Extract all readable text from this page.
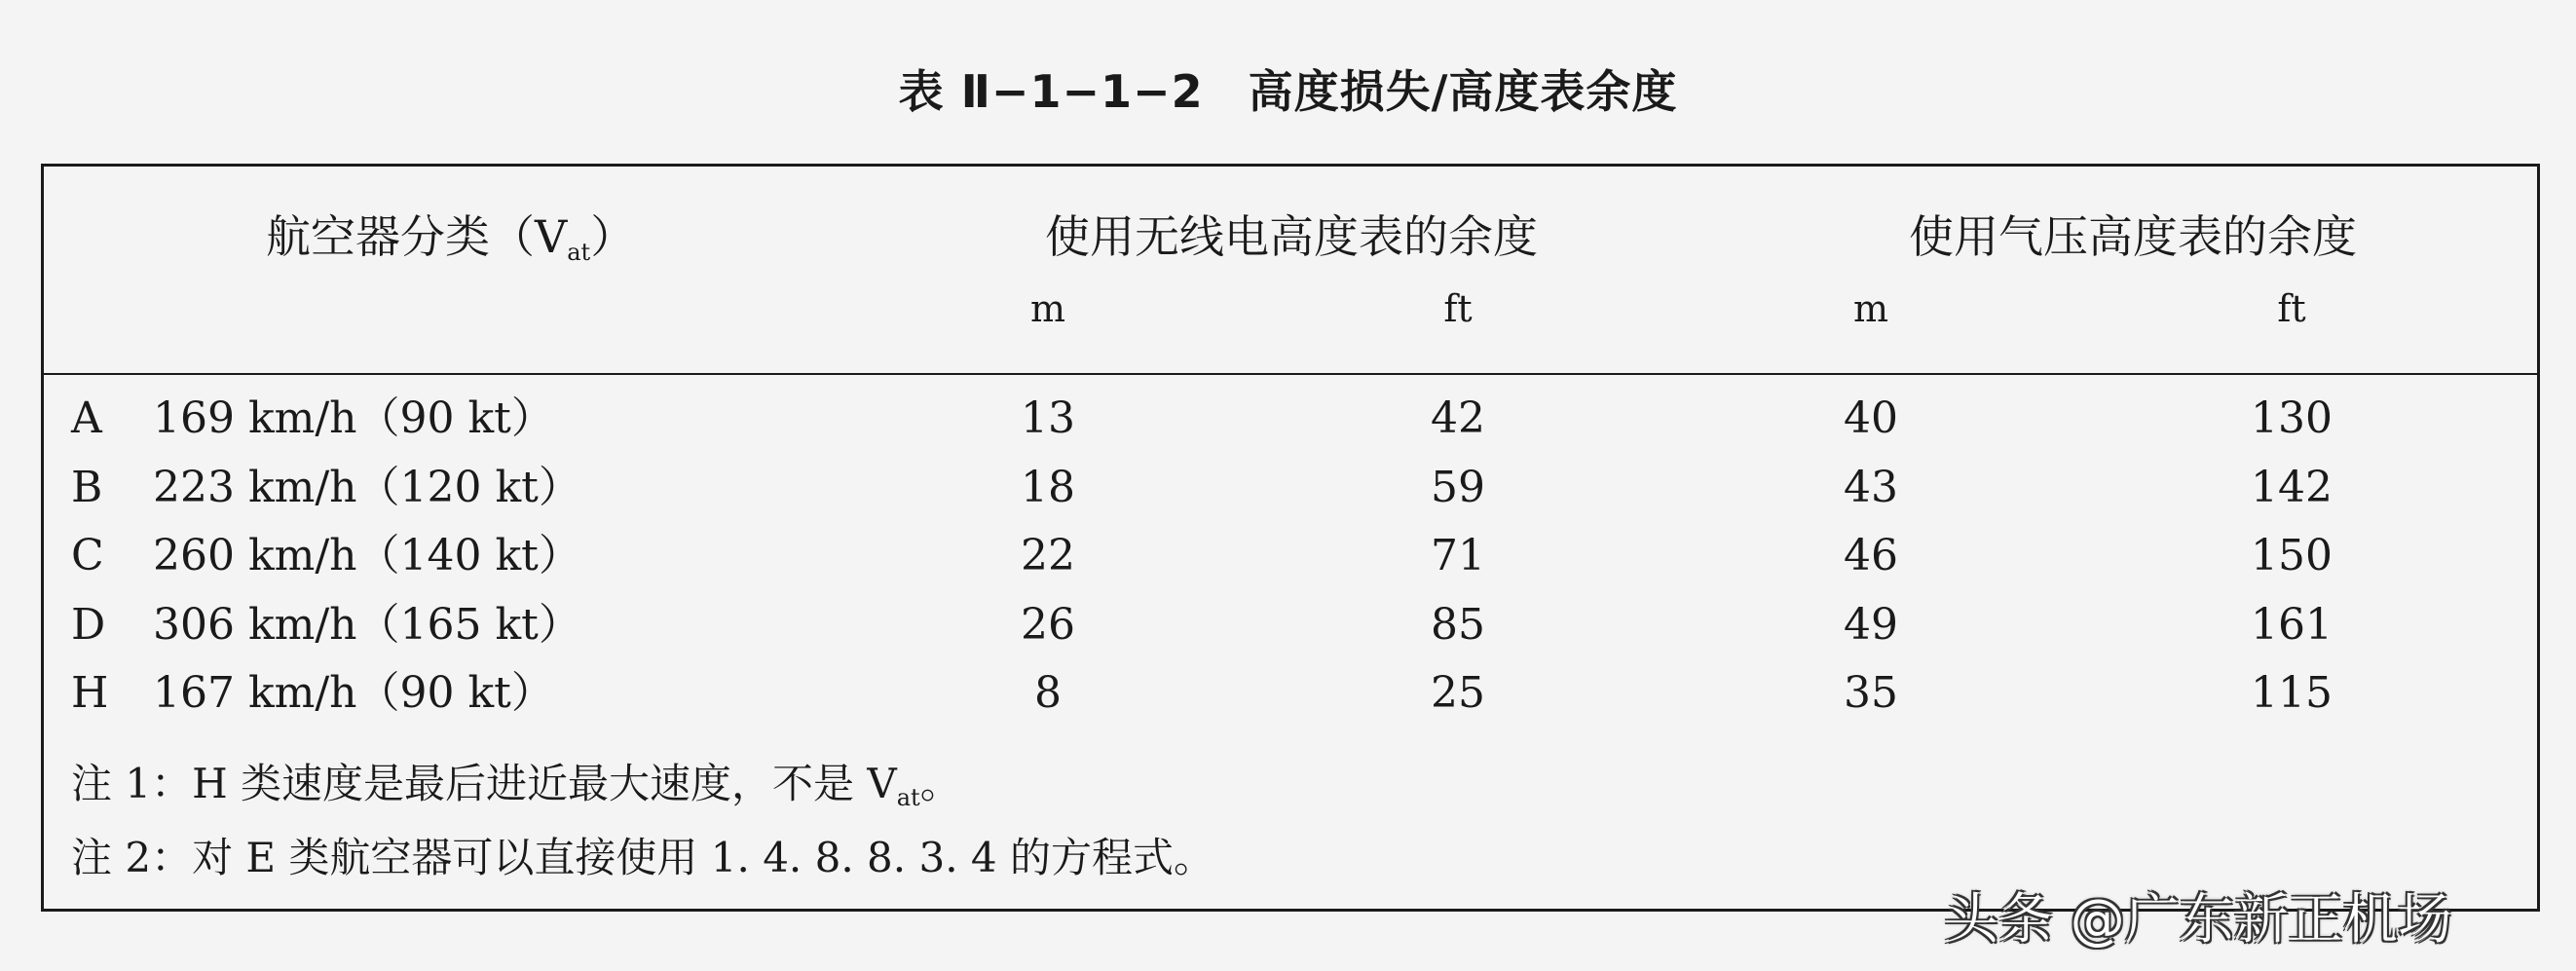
表 Ⅱ−1−1−2 高度损失/高度表余度
航空器分类$(V_{at})$	使用无线电高度表的余度	使用气压高度表的余度
m	ft	m	ft
A 169 km/h（90 kt）	13	42	40	130
B 223 km/h（120 kt）	18	59	43	142
C 260 km/h（140 kt）	22	71	46	150
D 306 km/h（165 kt）	26	85	49	161
H 167 km/h（90 kt）	8	25	35	115
注 1：H 类速度是最后进近最大速度，不是 $V_{at}$。
注 2：对 E 类航空器可以直接使用 1. 4. 8. 8. 3. 4 的方程式。
头条 @广东新正机场
